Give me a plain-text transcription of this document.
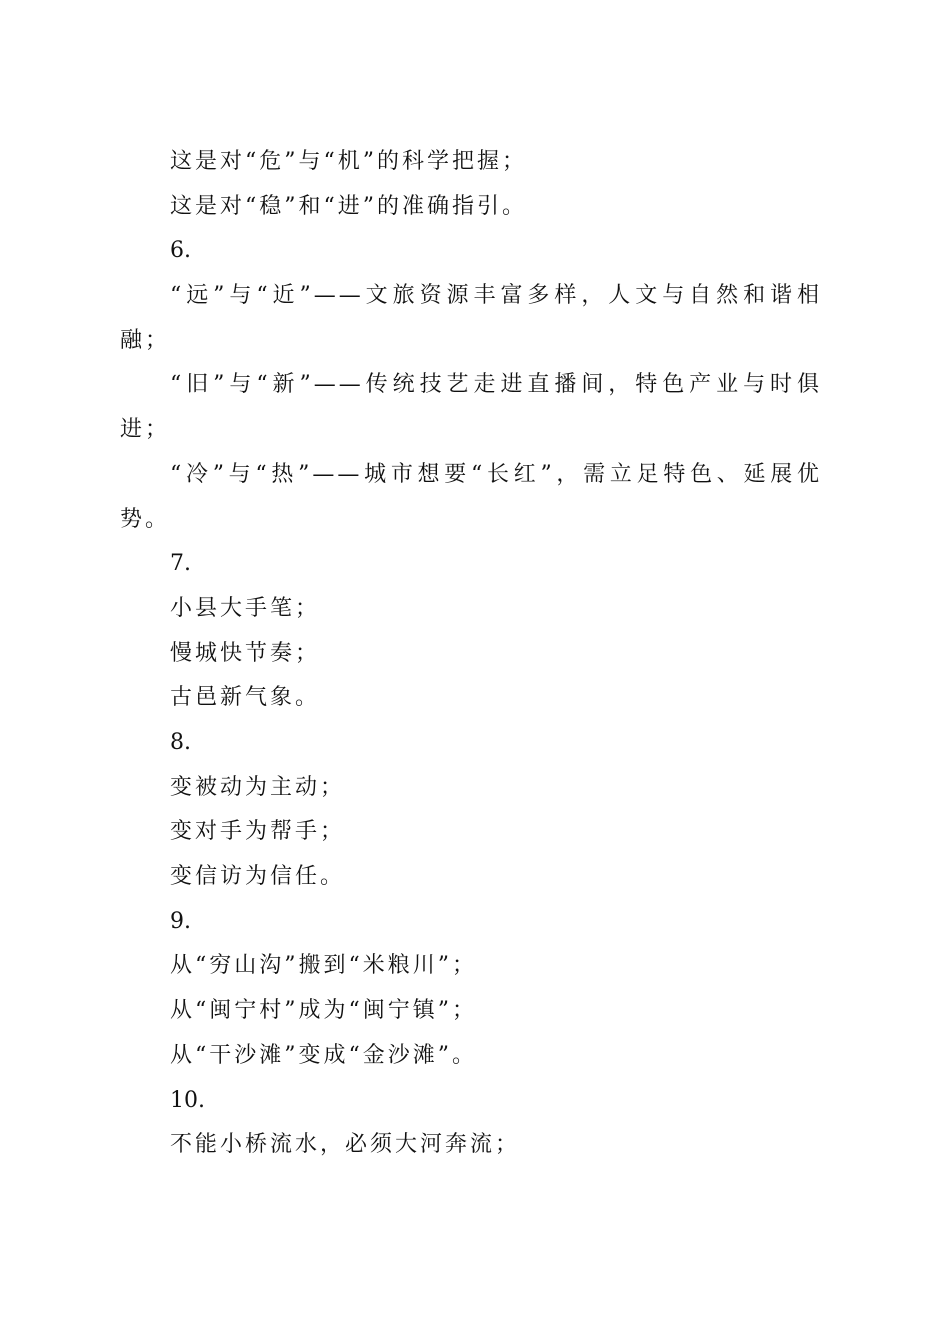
这是对“危”与“机”的科学把握；
这是对“稳”和“进”的准确指引。
6.
“远”与“近”——文旅资源丰富多样，人文与自然和谐相融；
“旧”与“新”——传统技艺走进直播间，特色产业与时俱进；
“冷”与“热”——城市想要“长红”，需立足特色、延展优势。
7.
小县大手笔；
慢城快节奏；
古邑新气象。
8.
变被动为主动；
变对手为帮手；
变信访为信任。
9.
从“穷山沟”搬到“米粮川”；
从“闽宁村”成为“闽宁镇”；
从“干沙滩”变成“金沙滩”。
10.
不能小桥流水，必须大河奔流；
